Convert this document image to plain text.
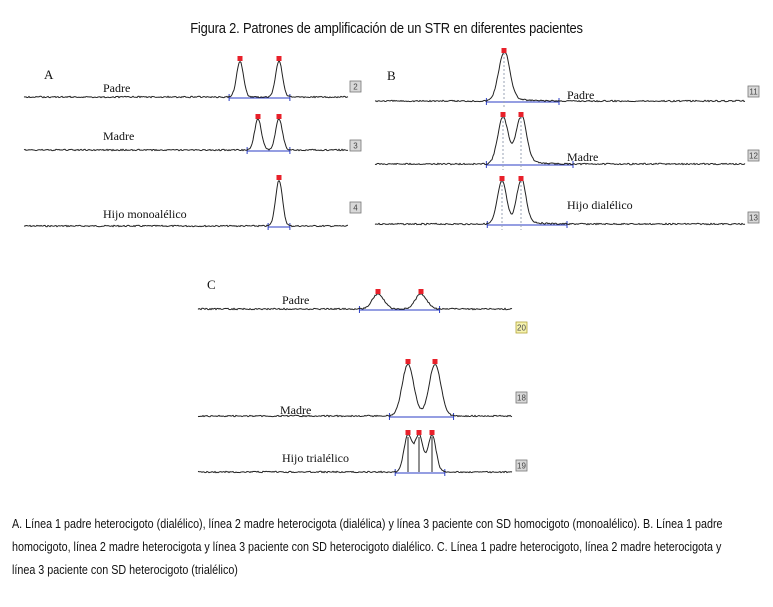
Figura 2. Patrones de amplificación de un STR en diferentes pacientes
A
Padre	2
Madre
3
Hijo monoalélico	4
B
Padre	11
Madre	12
Hijo dialélico
13
C
Padre
20
Madre
18
Hijo trialélico
19
A. Línea 1 padre heterocigoto (dialélico), línea 2 madre heterocigota (dialélica) y línea 3 paciente con SD homocigoto (monoalélico). B. Línea 1 padre homocigoto, línea 2 madre heterocigota y línea 3 paciente con SD heterocigoto dialélico. C. Línea 1 padre heterocigoto, línea 2 madre heterocigota y línea 3 paciente con SD heterocigoto (trialélico)
